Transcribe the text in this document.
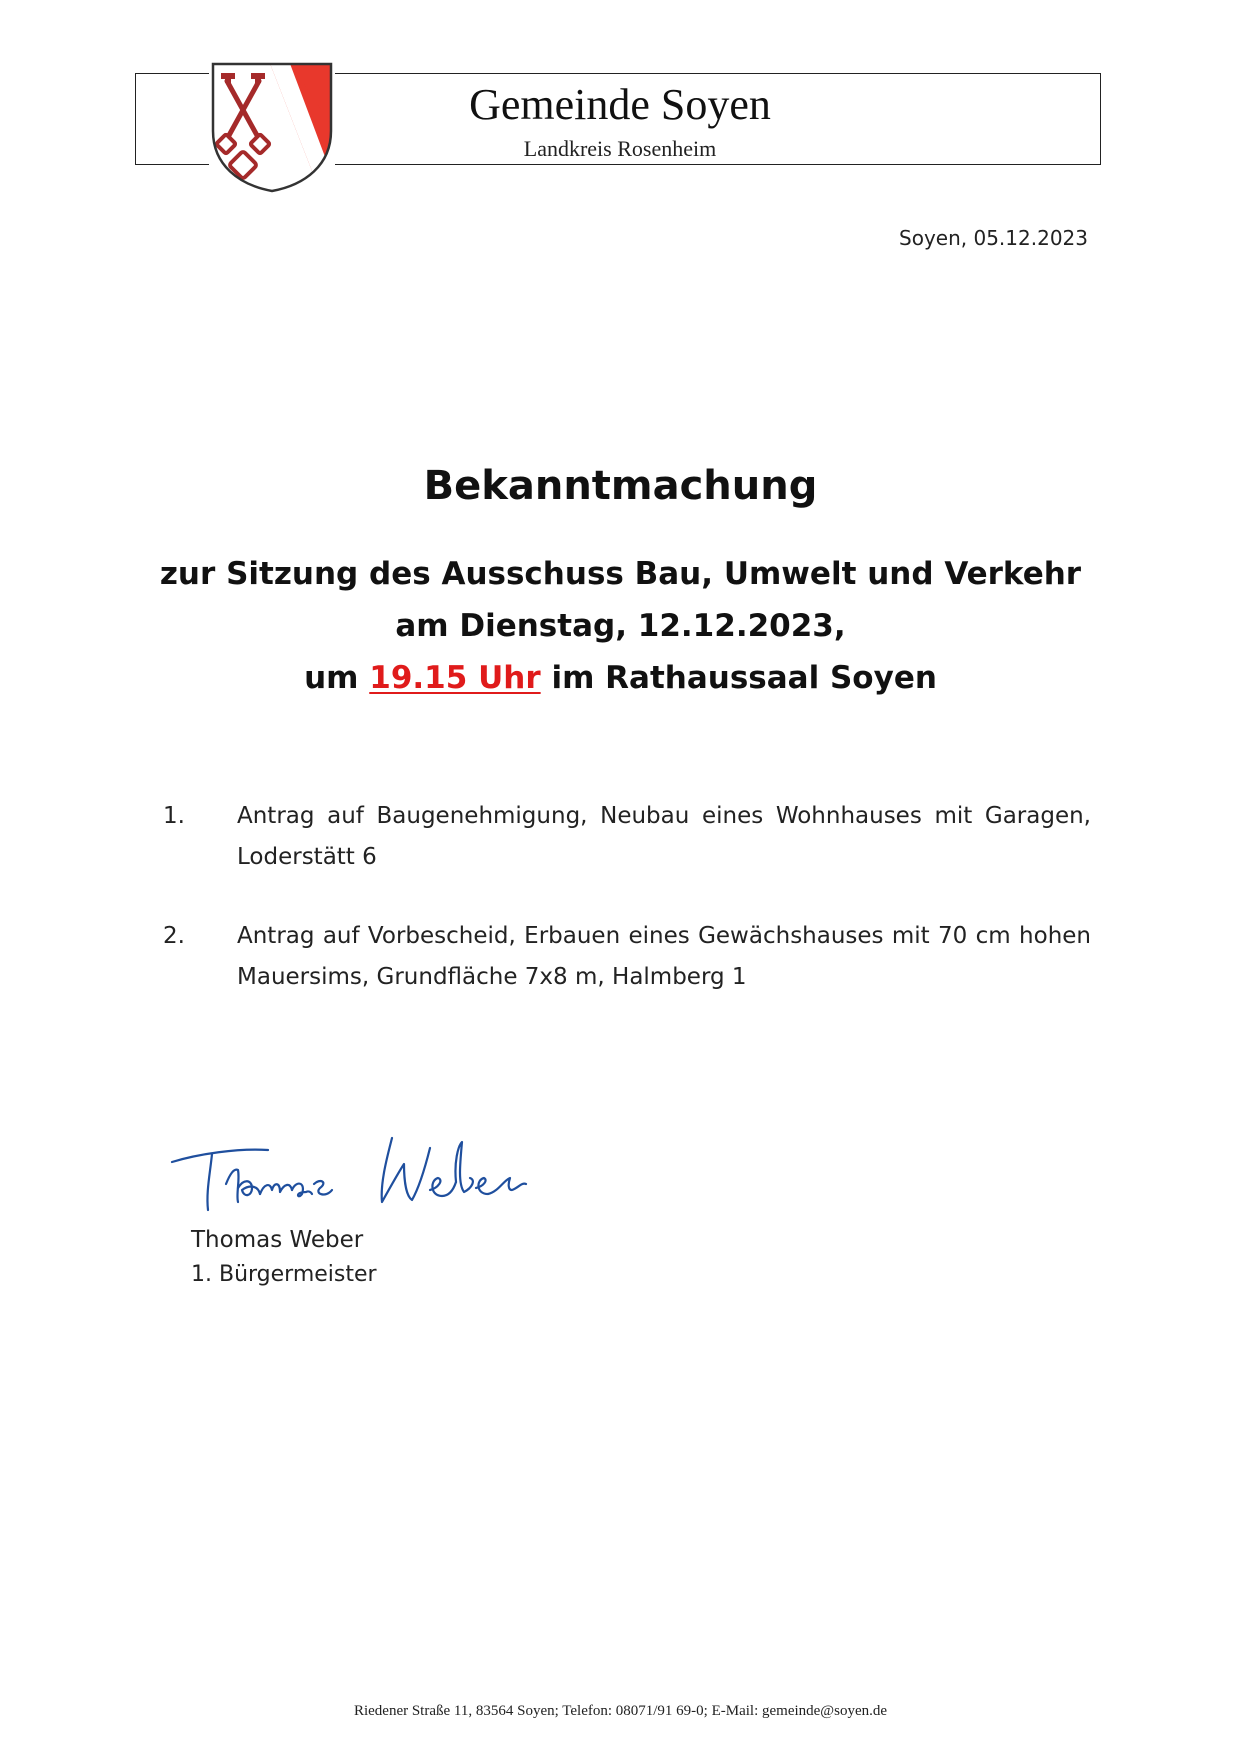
Gemeinde Soyen
Landkreis Rosenheim
Soyen, 05.12.2023
Bekanntmachung
zur Sitzung des Ausschuss Bau, Umwelt und Verkehr
am Dienstag, 12.12.2023,
um 19.15 Uhr im Rathaussaal Soyen
1. Antrag auf Baugenehmigung, Neubau eines Wohnhauses mit Garagen, Loderstätt 6
2. Antrag auf Vorbescheid, Erbauen eines Gewächshauses mit 70 cm hohen Mauersims, Grundfläche 7x8 m, Halmberg 1
Thomas Weber
1. Bürgermeister
Riedener Straße 11, 83564 Soyen; Telefon: 08071/91 69-0; E-Mail: gemeinde@soyen.de
